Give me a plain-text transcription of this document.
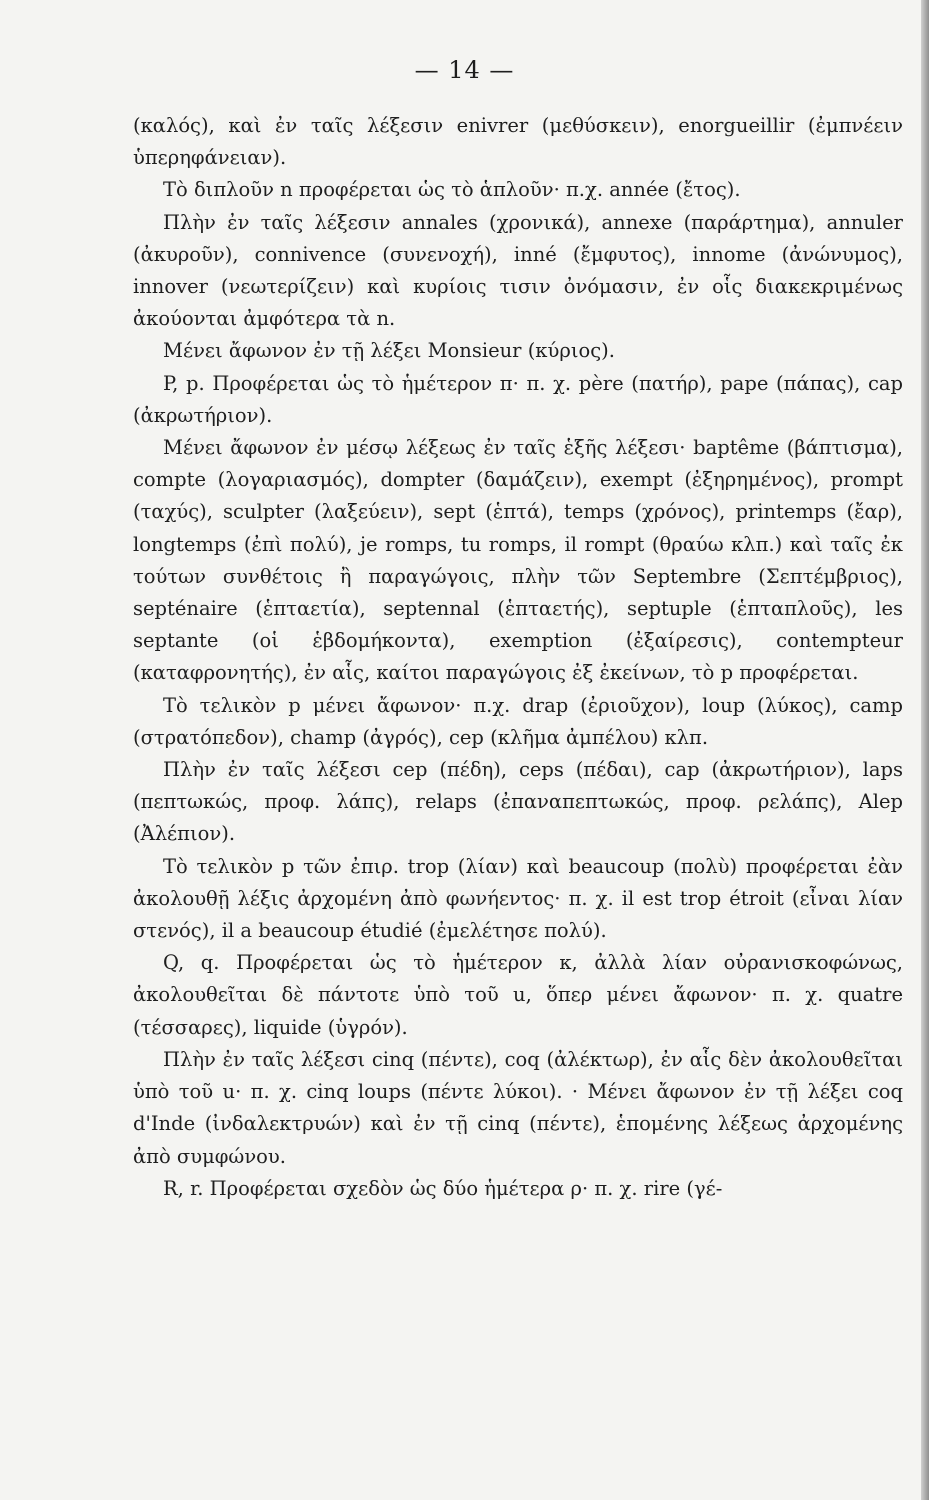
— 14 —

(καλός), καὶ ἐν ταῖς λέξεσιν enivrer (μεθύσκειν), enorgueillir (ἐμπνέειν ὑπερηφάνειαν).

Τὸ διπλοῦν n προφέρεται ὡς τὸ ἁπλοῦν· π.χ. année (ἔτος).

Πλὴν ἐν ταῖς λέξεσιν annales (χρονικά), annexe (παράρτημα), annuler (ἀκυροῦν), connivence (συνενοχή), inné (ἔμφυτος), innome (ἀνώνυμος), innover (νεωτερίζειν) καὶ κυρίοις τισιν ὀνόμασιν, ἐν οἷς διακεκριμένως ἀκούονται ἀμφότερα τὰ n.

Μένει ἄφωνον ἐν τῇ λέξει Monsieur (κύριος).

P, p. Προφέρεται ὡς τὸ ἡμέτερον π· π. χ. père (πατήρ), pape (πάπας), cap (ἀκρωτήριον).

Μένει ἄφωνον ἐν μέσῳ λέξεως ἐν ταῖς ἑξῆς λέξεσι· baptême (βάπτισμα), compte (λογαριασμός), dompter (δαμάζειν), exempt (ἐξηρημένος), prompt (ταχύς), sculpter (λαξεύειν), sept (ἑπτά), temps (χρόνος), printemps (ἔαρ), longtemps (ἐπὶ πολύ), je romps, tu romps, il rompt (θραύω κλπ.) καὶ ταῖς ἐκ τούτων συνθέτοις ἢ παραγώγοις, πλὴν τῶν Septembre (Σεπτέμβριος), septénaire (ἑπταετία), septennal (ἑπταετής), septuple (ἑπταπλοῦς), les septante (οἱ ἑβδομήκοντα), exemption (ἐξαίρεσις), contempteur (καταφρονητής), ἐν αἷς, καίτοι παραγώγοις ἐξ ἐκείνων, τὸ p προφέρεται.

Τὸ τελικὸν p μένει ἄφωνον· π.χ. drap (ἐριοῦχον), loup (λύκος), camp (στρατόπεδον), champ (ἀγρός), cep (κλῆμα ἀμπέλου) κλπ.

Πλὴν ἐν ταῖς λέξεσι cep (πέδη), ceps (πέδαι), cap (ἀκρωτήριον), laps (πεπτωκώς, προφ. λάπς), relaps (ἐπαναπεπτωκώς, προφ. ρελάπς), Alep (Ἀλέπιον).

Τὸ τελικὸν p τῶν ἐπιρ. trop (λίαν) καὶ beaucoup (πολὺ) προφέρεται ἐὰν ἀκολουθῇ λέξις ἀρχομένη ἀπὸ φωνήεντος· π. χ. il est trop étroit (εἶναι λίαν στενός), il a beaucoup étudié (ἐμελέτησε πολύ).

Q, q. Προφέρεται ὡς τὸ ἡμέτερον κ, ἀλλὰ λίαν οὐρανισκοφώνως, ἀκολουθεῖται δὲ πάντοτε ὑπὸ τοῦ u, ὅπερ μένει ἄφωνον· π. χ. quatre (τέσσαρες), liquide (ὑγρόν).

Πλὴν ἐν ταῖς λέξεσι cinq (πέντε), coq (ἀλέκτωρ), ἐν αἷς δὲν ἀκολουθεῖται ὑπὸ τοῦ u· π. χ. cinq loups (πέντε λύκοι). · Μένει ἄφωνον ἐν τῇ λέξει coq d'Inde (ἰνδαλεκτρυών) καὶ ἐν τῇ cinq (πέντε), ἑπομένης λέξεως ἀρχομένης ἀπὸ συμφώνου.

R, r. Προφέρεται σχεδὸν ὡς δύο ἡμέτερα ρ· π. χ. rire (γέ-
